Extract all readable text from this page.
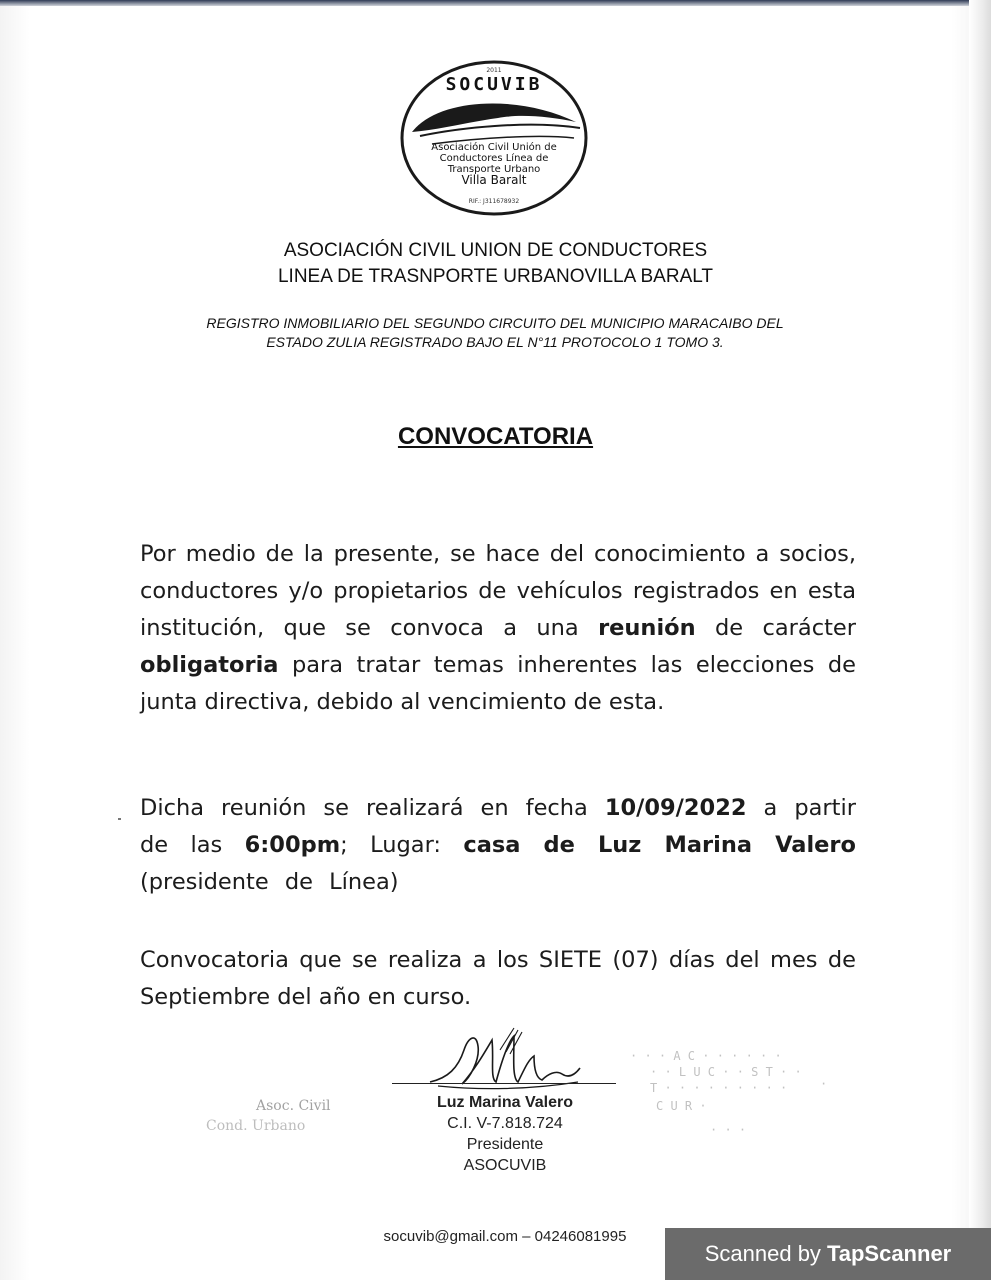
2011
SOCUVIB
Asociación Civil Unión de
Conductores Línea de
Transporte Urbano
Villa Baralt
RIF.: J311678932
ASOCIACIÓN CIVIL UNION DE CONDUCTORES
LINEA DE TRASNPORTE URBANOVILLA BARALT
REGISTRO INMOBILIARIO DEL SEGUNDO CIRCUITO DEL MUNICIPIO MARACAIBO DEL
ESTADO ZULIA REGISTRADO BAJO EL N°11 PROTOCOLO 1 TOMO 3.
CONVOCATORIA
Por medio de la presente, se hace del conocimiento a socios, conductores y/o propietarios de vehículos registrados en esta institución, que se convoca a una reunión de carácter obligatoria para tratar temas inherentes las elecciones de junta directiva, debido al vencimiento de esta.
Dicha reunión se realizará en fecha 10/09/2022 a partir de las 6:00pm; Lugar: casa de Luz Marina Valero (presidente de Línea)
Convocatoria que se realiza a los SIETE (07) días del mes de Septiembre del año en curso.
· · · A C · · · · · ·
· · L U C · · S T · ·
T · · · · · · · · ·
C U R ·
·
· · ·
Asoc. Civil
Cond. Urbano
Luz Marina Valero
C.I. V-7.818.724
Presidente
ASOCUVIB
socuvib@gmail.com – 04246081995
Scanned by TapScanner
